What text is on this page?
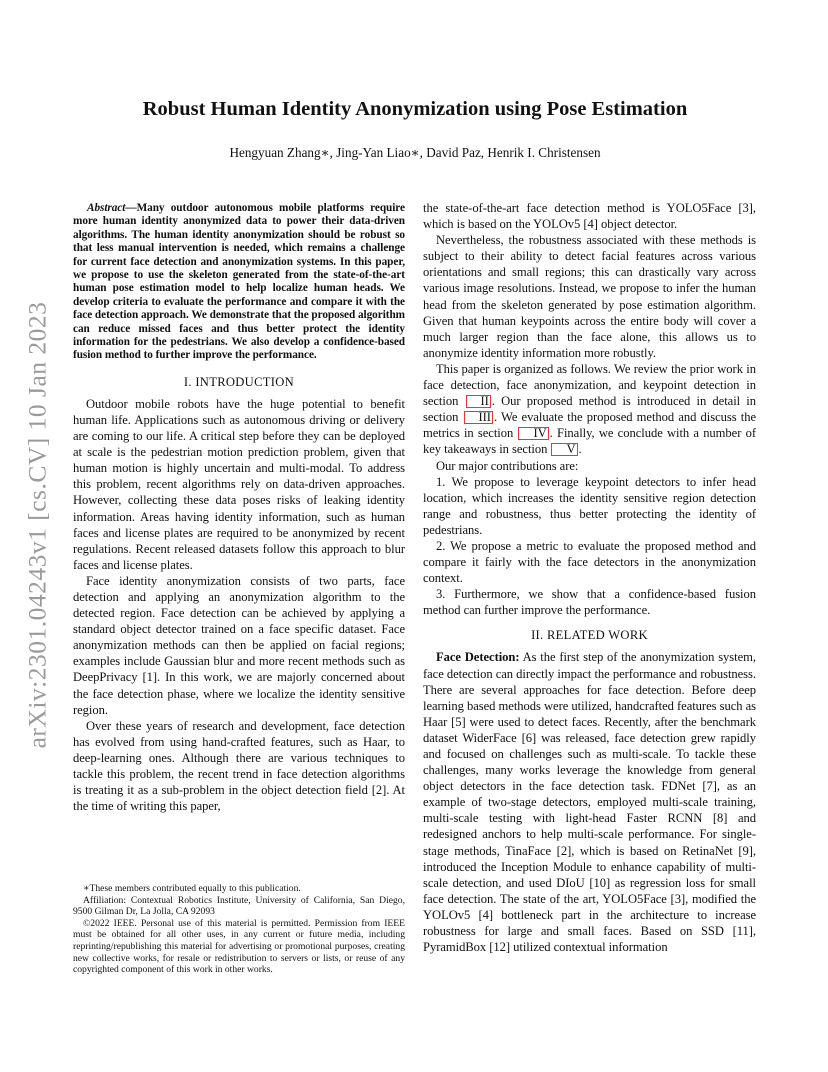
arXiv:2301.04243v1 [cs.CV] 10 Jan 2023
Robust Human Identity Anonymization using Pose Estimation
Hengyuan Zhang∗, Jing-Yan Liao∗, David Paz, Henrik I. Christensen

Abstract—Many outdoor autonomous mobile platforms require more human identity anonymized data to power their data-driven algorithms. The human identity anonymization should be robust so that less manual intervention is needed, which remains a challenge for current face detection and anonymization systems. In this paper, we propose to use the skeleton generated from the state-of-the-art human pose estimation model to help localize human heads. We develop criteria to evaluate the performance and compare it with the face detection approach. We demonstrate that the proposed algorithm can reduce missed faces and thus better protect the identity information for the pedestrians. We also develop a confidence-based fusion method to further improve the performance.

I. INTRODUCTION

Outdoor mobile robots have the huge potential to benefit human life. Applications such as autonomous driving or delivery are coming to our life. A critical step before they can be deployed at scale is the pedestrian motion prediction problem, given that human motion is highly uncertain and multi-modal. To address this problem, recent algorithms rely on data-driven approaches. However, collecting these data poses risks of leaking identity information. Areas having identity information, such as human faces and license plates are required to be anonymized by recent regulations. Recent released datasets follow this approach to blur faces and license plates.

Face identity anonymization consists of two parts, face detection and applying an anonymization algorithm to the detected region. Face detection can be achieved by applying a standard object detector trained on a face specific dataset. Face anonymization methods can then be applied on facial regions; examples include Gaussian blur and more recent methods such as DeepPrivacy [1]. In this work, we are majorly concerned about the face detection phase, where we localize the identity sensitive region.

Over these years of research and development, face detection has evolved from using hand-crafted features, such as Haar, to deep-learning ones. Although there are various techniques to tackle this problem, the recent trend in face detection algorithms is treating it as a sub-problem in the object detection field [2]. At the time of writing this paper,

∗These members contributed equally to this publication.

Affiliation: Contextual Robotics Institute, University of California, San Diego, 9500 Gilman Dr, La Jolla, CA 92093

©2022 IEEE. Personal use of this material is permitted. Permission from IEEE must be obtained for all other uses, in any current or future media, including reprinting/republishing this material for advertising or promotional purposes, creating new collective works, for resale or redistribution to servers or lists, or reuse of any copyrighted component of this work in other works.

the state-of-the-art face detection method is YOLO5Face [3], which is based on the YOLOv5 [4] object detector.

Nevertheless, the robustness associated with these methods is subject to their ability to detect facial features across various orientations and small regions; this can drastically vary across various image resolutions. Instead, we propose to infer the human head from the skeleton generated by pose estimation algorithm. Given that human keypoints across the entire body will cover a much larger region than the face alone, this allows us to anonymize identity information more robustly.

This paper is organized as follows. We review the prior work in face detection, face anonymization, and keypoint detection in section II . Our proposed method is introduced in detail in section III . We evaluate the proposed method and discuss the metrics in section IV . Finally, we conclude with a number of key takeaways in section V .

Our major contributions are:

1. We propose to leverage keypoint detectors to infer head location, which increases the identity sensitive region detection range and robustness, thus better protecting the identity of pedestrians.

2. We propose a metric to evaluate the proposed method and compare it fairly with the face detectors in the anonymization context.

3. Furthermore, we show that a confidence-based fusion method can further improve the performance.

II. RELATED WORK

Face Detection: As the first step of the anonymization system, face detection can directly impact the performance and robustness. There are several approaches for face detection. Before deep learning based methods were utilized, handcrafted features such as Haar [5] were used to detect faces. Recently, after the benchmark dataset WiderFace [6] was released, face detection grew rapidly and focused on challenges such as multi-scale. To tackle these challenges, many works leverage the knowledge from general object detectors in the face detection task. FDNet [7], as an example of two-stage detectors, employed multi-scale training, multi-scale testing with light-head Faster RCNN [8] and redesigned anchors to help multi-scale performance. For single-stage methods, TinaFace [2], which is based on RetinaNet [9], introduced the Inception Module to enhance capability of multi-scale detection, and used DIoU [10] as regression loss for small face detection. The state of the art, YOLO5Face [3], modified the YOLOv5 [4] bottleneck part in the architecture to increase robustness for large and small faces. Based on SSD [11], PyramidBox [12] utilized contextual information
